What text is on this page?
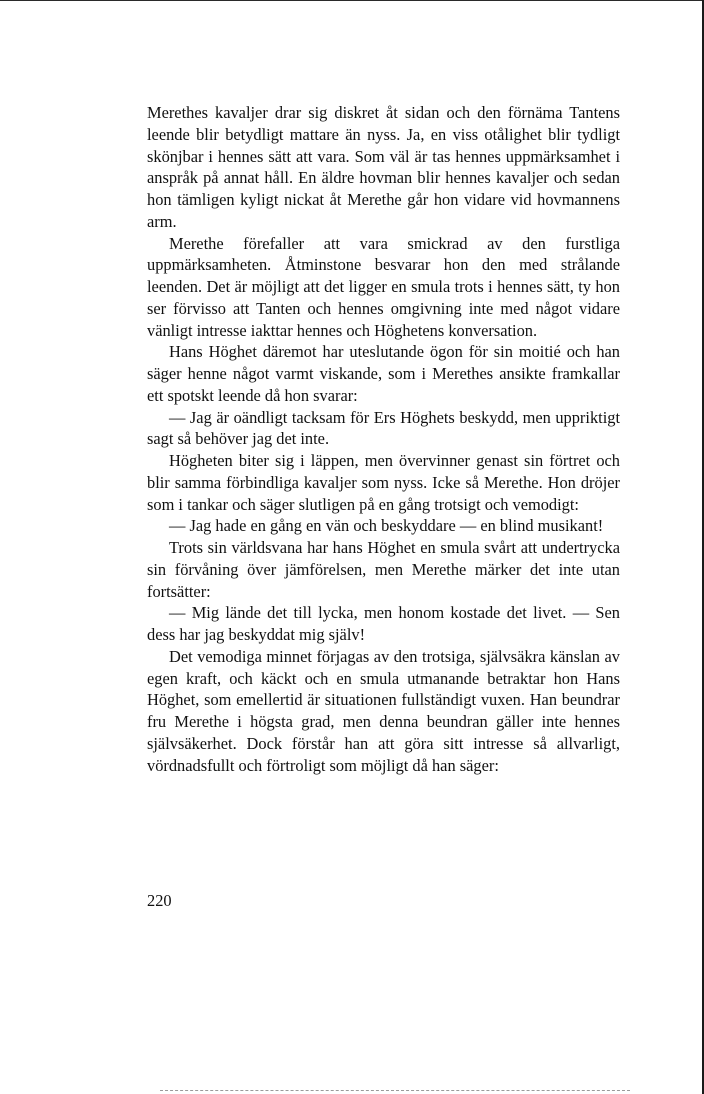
Merethes kavaljer drar sig diskret åt sidan och den förnäma Tantens leende blir betydligt mattare än nyss. Ja, en viss otålighet blir tydligt skönjbar i hennes sätt att vara. Som väl är tas hennes uppmärksamhet i anspråk på annat håll. En äldre hovman blir hennes kavaljer och sedan hon tämligen kyligt nickat åt Merethe går hon vidare vid hovmannens arm.

Merethe förefaller att vara smickrad av den furstliga uppmärksamheten. Åtminstone besvarar hon den med strålande leenden. Det är möjligt att det ligger en smula trots i hennes sätt, ty hon ser förvisso att Tanten och hennes omgivning inte med något vidare vänligt intresse iakttar hennes och Höghetens konversation.

Hans Höghet däremot har uteslutande ögon för sin moitié och han säger henne något varmt viskande, som i Merethes ansikte framkallar ett spotskt leende då hon svarar:

— Jag är oändligt tacksam för Ers Höghets beskydd, men uppriktigt sagt så behöver jag det inte.

Högheten biter sig i läppen, men övervinner genast sin förtret och blir samma förbindliga kavaljer som nyss. Icke så Merethe. Hon dröjer som i tankar och säger slutligen på en gång trotsigt och vemodigt:

— Jag hade en gång en vän och beskyddare — en blind musikant!

Trots sin världsvana har hans Höghet en smula svårt att undertrycka sin förvåning över jämförelsen, men Merethe märker det inte utan fortsätter:

— Mig lände det till lycka, men honom kostade det livet. — Sen dess har jag beskyddat mig själv!

Det vemodiga minnet förjagas av den trotsiga, självsäkra känslan av egen kraft, och käckt och en smula utmanande betraktar hon Hans Höghet, som emellertid är situationen fullständigt vuxen. Han beundrar fru Merethe i högsta grad, men denna beundran gäller inte hennes självsäkerhet. Dock förstår han att göra sitt intresse så allvarligt, vördnadsfullt och förtroligt som möjligt då han säger:

220
